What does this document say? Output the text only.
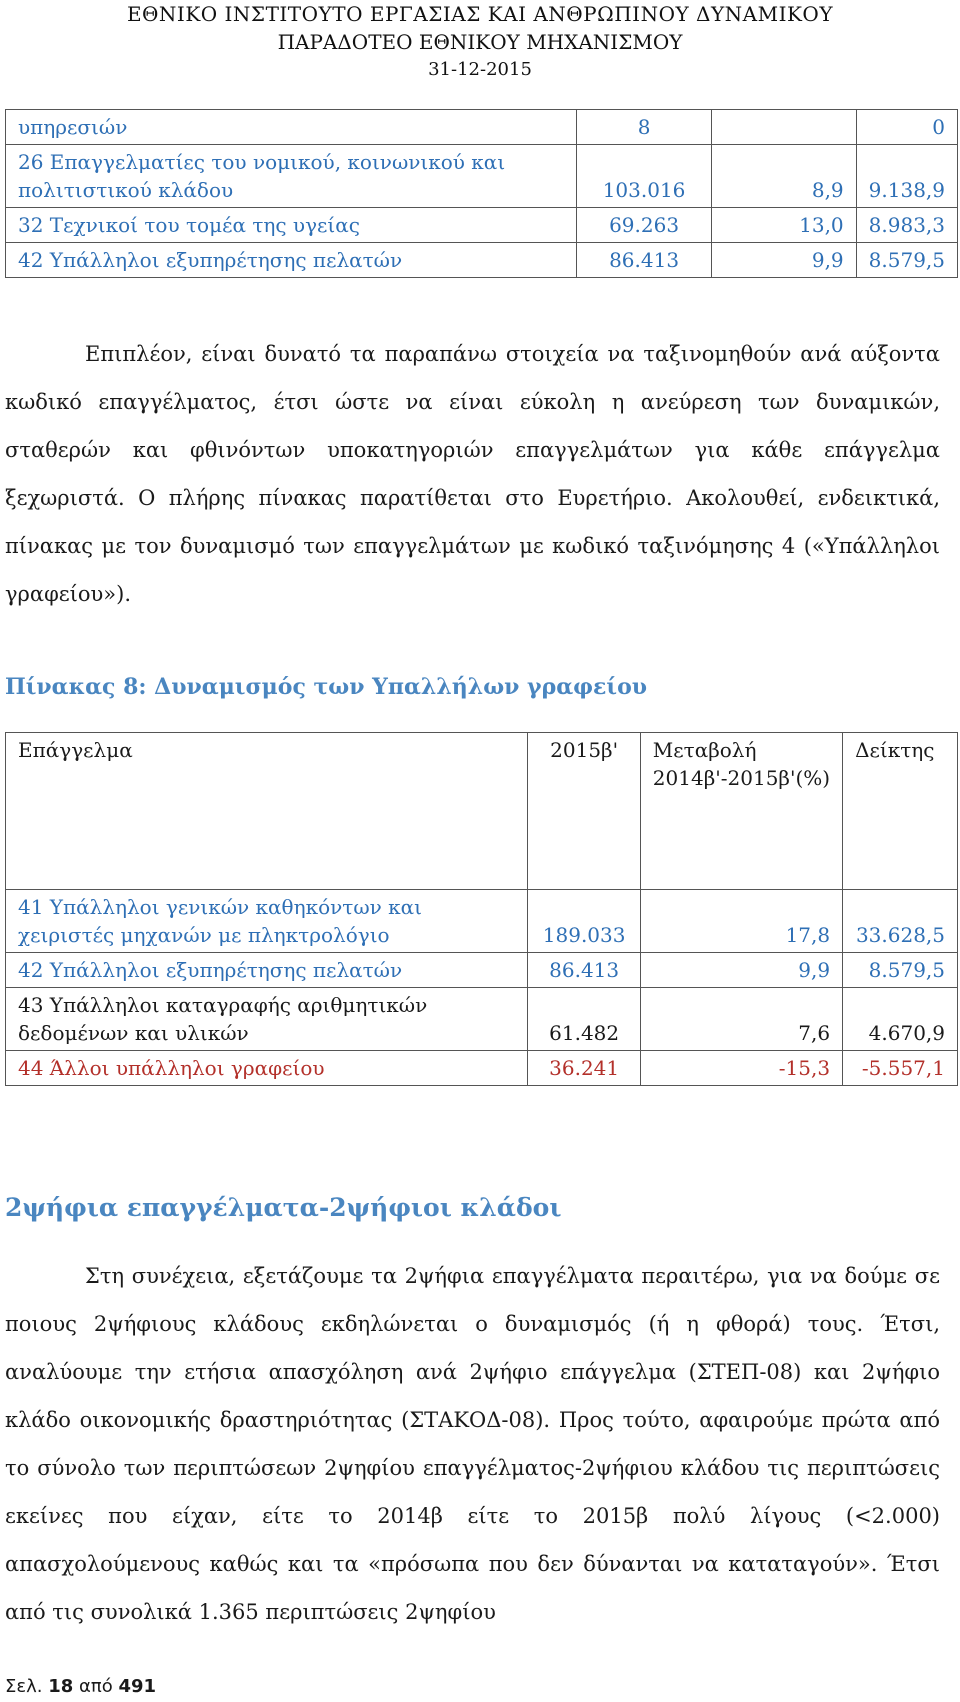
ΕΘΝΙΚΟ ΙΝΣΤΙΤΟΥΤΟ ΕΡΓΑΣΙΑΣ ΚΑΙ ΑΝΘΡΩΠΙΝΟΥ ΔΥΝΑΜΙΚΟΥ
ΠΑΡΑΔΟΤΕΟ ΕΘΝΙΚΟΥ ΜΗΧΑΝΙΣΜΟΥ
31-12-2015
υπηρεσιών	8		0
26 Επαγγελματίες του νομικού, κοινωνικού και πολιτιστικού κλάδου	103.016	8,9	9.138,9
32 Τεχνικοί του τομέα της υγείας	69.263	13,0	8.983,3
42 Υπάλληλοι εξυπηρέτησης πελατών	86.413	9,9	8.579,5

Επιπλέον, είναι δυνατό τα παραπάνω στοιχεία να ταξινομηθούν ανά αύξοντα κωδικό επαγγέλματος, έτσι ώστε να είναι εύκολη η ανεύρεση των δυναμικών, σταθερών και φθινόντων υποκατηγοριών επαγγελμάτων για κάθε επάγγελμα ξεχωριστά. Ο πλήρης πίνακας παρατίθεται στο Ευρετήριο. Ακολουθεί, ενδεικτικά, πίνακας με τον δυναμισμό των επαγγελμάτων με κωδικό ταξινόμησης 4 («Υπάλληλοι γραφείου»).

Πίνακας 8: Δυναμισμός των Υπαλλήλων γραφείου
Επάγγελμα	2015β'	Μεταβολή 2014β'-2015β'(%)	Δείκτης
41 Υπάλληλοι γενικών καθηκόντων και χειριστές μηχανών με πληκτρολόγιο	189.033	17,8	33.628,5
42 Υπάλληλοι εξυπηρέτησης πελατών	86.413	9,9	8.579,5
43 Υπάλληλοι καταγραφής αριθμητικών δεδομένων και υλικών	61.482	7,6	4.670,9
44 Άλλοι υπάλληλοι γραφείου	36.241	-15,3	-5.557,1
2ψήφια επαγγέλματα-2ψήφιοι κλάδοι

Στη συνέχεια, εξετάζουμε τα 2ψήφια επαγγέλματα περαιτέρω, για να δούμε σε ποιους 2ψήφιους κλάδους εκδηλώνεται ο δυναμισμός (ή η φθορά) τους. Έτσι, αναλύουμε την ετήσια απασχόληση ανά 2ψήφιο επάγγελμα (ΣΤΕΠ-08) και 2ψήφιο κλάδο οικονομικής δραστηριότητας (ΣΤΑΚΟΔ-08). Προς τούτο, αφαιρούμε πρώτα από το σύνολο των περιπτώσεων 2ψηφίου επαγγέλματος-2ψήφιου κλάδου τις περιπτώσεις εκείνες που είχαν, είτε το 2014β είτε το 2015β πολύ λίγους (<2.000) απασχολούμενους καθώς και τα «πρόσωπα που δεν δύνανται να καταταγούν». Έτσι από τις συνολικά 1.365 περιπτώσεις 2ψηφίου

Σελ. 18 από 491
